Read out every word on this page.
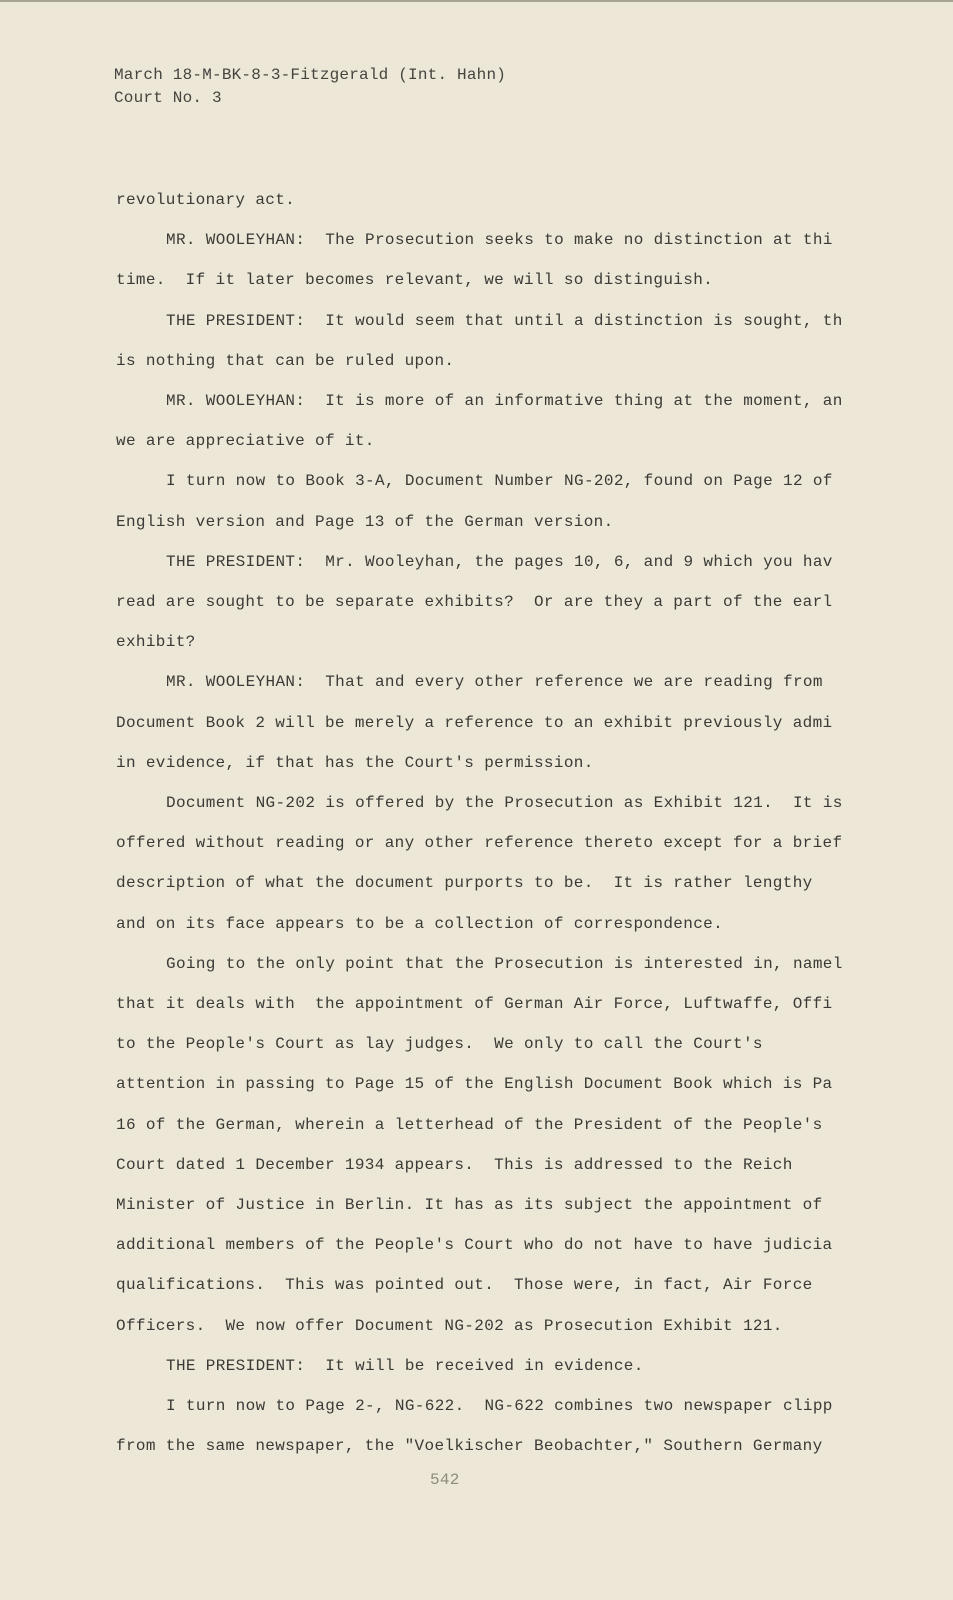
March 18-M-BK-8-3-Fitzgerald (Int. Hahn)
Court No. 3
revolutionary act.
MR. WOOLEYHAN:  The Prosecution seeks to make no distinction at thi
time.  If it later becomes relevant, we will so distinguish.
THE PRESIDENT:  It would seem that until a distinction is sought, th
is nothing that can be ruled upon.
MR. WOOLEYHAN:  It is more of an informative thing at the moment, an
we are appreciative of it.
I turn now to Book 3-A, Document Number NG-202, found on Page 12 of
English version and Page 13 of the German version.
THE PRESIDENT:  Mr. Wooleyhan, the pages 10, 6, and 9 which you hav
read are sought to be separate exhibits?  Or are they a part of the earl
exhibit?
MR. WOOLEYHAN:  That and every other reference we are reading from
Document Book 2 will be merely a reference to an exhibit previously admi
in evidence, if that has the Court's permission.
Document NG-202 is offered by the Prosecution as Exhibit 121.  It is
offered without reading or any other reference thereto except for a brief
description of what the document purports to be.  It is rather lengthy
and on its face appears to be a collection of correspondence.
Going to the only point that the Prosecution is interested in, namel
that it deals with  the appointment of German Air Force, Luftwaffe, Offi
to the People's Court as lay judges.  We only to call the Court's
attention in passing to Page 15 of the English Document Book which is Pa
16 of the German, wherein a letterhead of the President of the People's
Court dated 1 December 1934 appears.  This is addressed to the Reich
Minister of Justice in Berlin. It has as its subject the appointment of
additional members of the People's Court who do not have to have judicia
qualifications.  This was pointed out.  Those were, in fact, Air Force
Officers.  We now offer Document NG-202 as Prosecution Exhibit 121.
THE PRESIDENT:  It will be received in evidence.
I turn now to Page 2-, NG-622.  NG-622 combines two newspaper clipp
from the same newspaper, the "Voelkischer Beobachter," Southern Germany
542
